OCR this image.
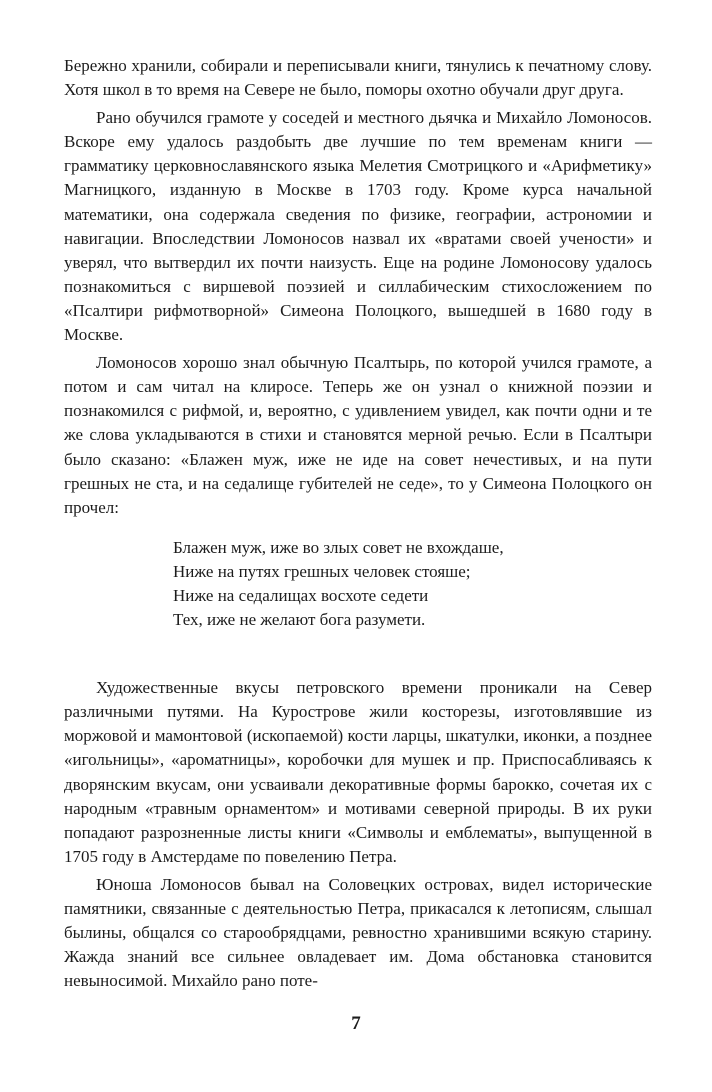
Бережно хранили, собирали и переписывали книги, тянулись к печатному слову. Хотя школ в то время на Севере не было, поморы охотно обучали друг друга.

Рано обучился грамоте у соседей и местного дьячка и Михайло Ломоносов. Вскоре ему удалось раздобыть две лучшие по тем временам книги — грамматику церковнославянского языка Мелетия Смотрицкого и «Арифметику» Магницкого, изданную в Москве в 1703 году. Кроме курса начальной математики, она содержала сведения по физике, географии, астрономии и навигации. Впоследствии Ломоносов назвал их «вратами своей учености» и уверял, что вытвердил их почти наизусть. Еще на родине Ломоносову удалось познакомиться с виршевой поэзией и силлабическим стихосложением по «Псалтири рифмотворной» Симеона Полоцкого, вышедшей в 1680 году в Москве.

Ломоносов хорошо знал обычную Псалтырь, по которой учился грамоте, а потом и сам читал на клиросе. Теперь же он узнал о книжной поэзии и познакомился с рифмой, и, вероятно, с удивлением увидел, как почти одни и те же слова укладываются в стихи и становятся мерной речью. Если в Псалтыри было сказано: «Блажен муж, иже не иде на совет нечестивых, и на пути грешных не ста, и на седалище губителей не седе», то у Симеона Полоцкого он прочел:

Блажен муж, иже во злых совет не вхождаше,
Ниже на путях грешных человек стояше;
Ниже на седалищах восхоте седети
Тех, иже не желают бога разумети.

Художественные вкусы петровского времени проникали на Север различными путями. На Курострове жили косторезы, изготовлявшие из моржовой и мамонтовой (ископаемой) кости ларцы, шкатулки, иконки, а позднее «игольницы», «ароматницы», коробочки для мушек и пр. Приспосабливаясь к дворянским вкусам, они усваивали декоративные формы барокко, сочетая их с народным «травным орнаментом» и мотивами северной природы. В их руки попадают разрозненные листы книги «Символы и емблематы», выпущенной в 1705 году в Амстердаме по повелению Петра.

Юноша Ломоносов бывал на Соловецких островах, видел исторические памятники, связанные с деятельностью Петра, прикасался к летописям, слышал былины, общался со старообрядцами, ревностно хранившими всякую старину. Жажда знаний все сильнее овладевает им. Дома обстановка становится невыносимой. Михайло рано поте-

7
